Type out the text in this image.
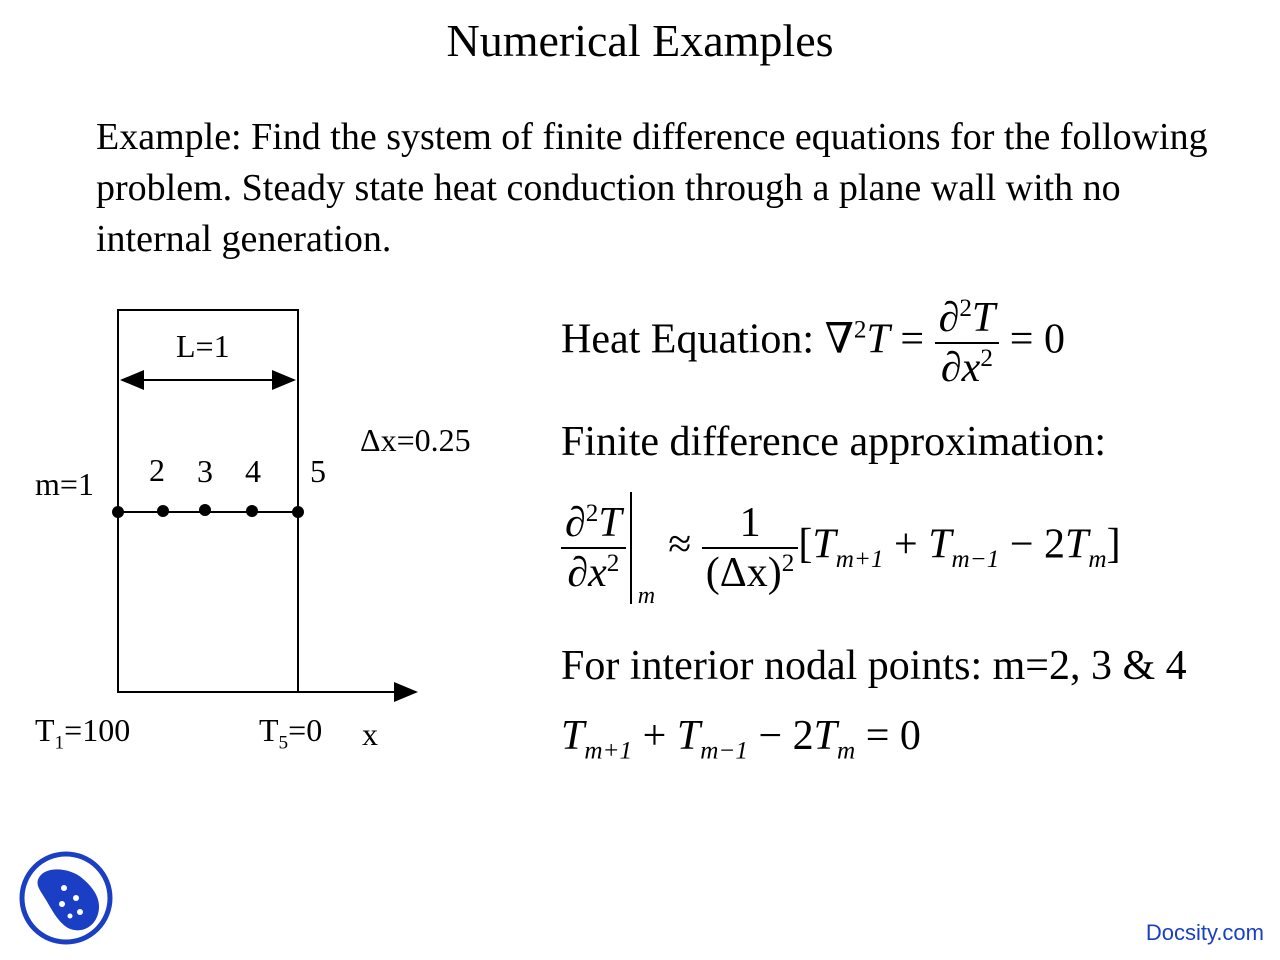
Numerical Examples
Example: Find the system of finite difference equations for the following problem. Steady state heat conduction through a plane wall with no internal generation.
L=1
Δx=0.25
m=1 2 3 4 5
$T_1=100$	$T_5=0$ x
Heat Equation: $\nabla^2T = \frac{\partial^2T}{\partial x^2} = 0$
Finite difference approximation:
$\frac{\partial^2T}{\partial x^2}$ m
≈ $\frac{1}{(\Delta x)^2} [T_{m+1} + T_{m-1} - 2T_m]$
For interior nodal points: m=2, 3 & 4
$T_{m+1} + T_{m-1} - 2T_m = 0$
Docsity.com
